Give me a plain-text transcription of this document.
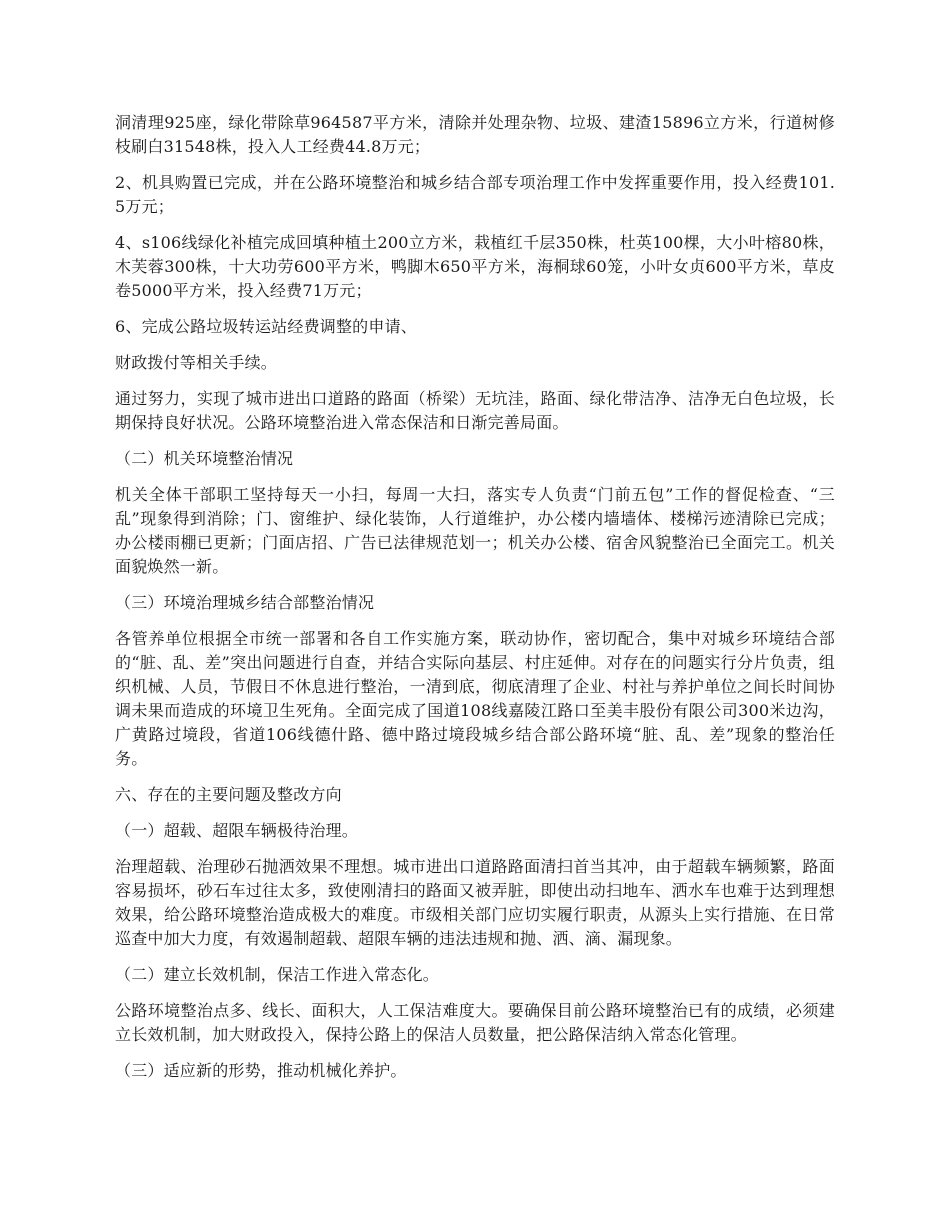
洞清理925座，绿化带除草964587平方米，清除并处理杂物、垃圾、建渣15896立方米，行道树修枝刷白31548株，投入人工经费44.8万元；

2、机具购置已完成，并在公路环境整治和城乡结合部专项治理工作中发挥重要作用，投入经费101.5万元；

4、s106线绿化补植完成回填种植土200立方米，栽植红千层350株，杜英100棵，大小叶榕80株，木芙蓉300株，十大功劳600平方米，鸭脚木650平方米，海桐球60笼，小叶女贞600平方米，草皮卷5000平方米，投入经费71万元；

6、完成公路垃圾转运站经费调整的申请、

财政拨付等相关手续。

通过努力，实现了城市进出口道路的路面（桥梁）无坑洼，路面、绿化带洁净、洁净无白色垃圾，长期保持良好状况。公路环境整治进入常态保洁和日渐完善局面。

（二）机关环境整治情况

机关全体干部职工坚持每天一小扫，每周一大扫，落实专人负责“门前五包”工作的督促检查、“三乱”现象得到消除；门、窗维护、绿化装饰，人行道维护，办公楼内墙墙体、楼梯污迹清除已完成；办公楼雨棚已更新；门面店招、广告已法律规范划一；机关办公楼、宿舍风貌整治已全面完工。机关面貌焕然一新。

（三）环境治理城乡结合部整治情况

各管养单位根据全市统一部署和各自工作实施方案，联动协作，密切配合，集中对城乡环境结合部的“脏、乱、差”突出问题进行自查，并结合实际向基层、村庄延伸。对存在的问题实行分片负责，组织机械、人员，节假日不休息进行整治，一清到底，彻底清理了企业、村社与养护单位之间长时间协调未果而造成的环境卫生死角。全面完成了国道108线嘉陵江路口至美丰股份有限公司300米边沟，广黄路过境段，省道106线德什路、德中路过境段城乡结合部公路环境“脏、乱、差”现象的整治任务。

六、存在的主要问题及整改方向

（一）超载、超限车辆极待治理。

治理超载、治理砂石抛洒效果不理想。城市进出口道路路面清扫首当其冲，由于超载车辆频繁，路面容易损坏，砂石车过往太多，致使刚清扫的路面又被弄脏，即使出动扫地车、洒水车也难于达到理想效果，给公路环境整治造成极大的难度。市级相关部门应切实履行职责，从源头上实行措施、在日常巡查中加大力度，有效遏制超载、超限车辆的违法违规和抛、洒、滴、漏现象。

（二）建立长效机制，保洁工作进入常态化。

公路环境整治点多、线长、面积大，人工保洁难度大。要确保目前公路环境整治已有的成绩，必须建立长效机制，加大财政投入，保持公路上的保洁人员数量，把公路保洁纳入常态化管理。

（三）适应新的形势，推动机械化养护。
